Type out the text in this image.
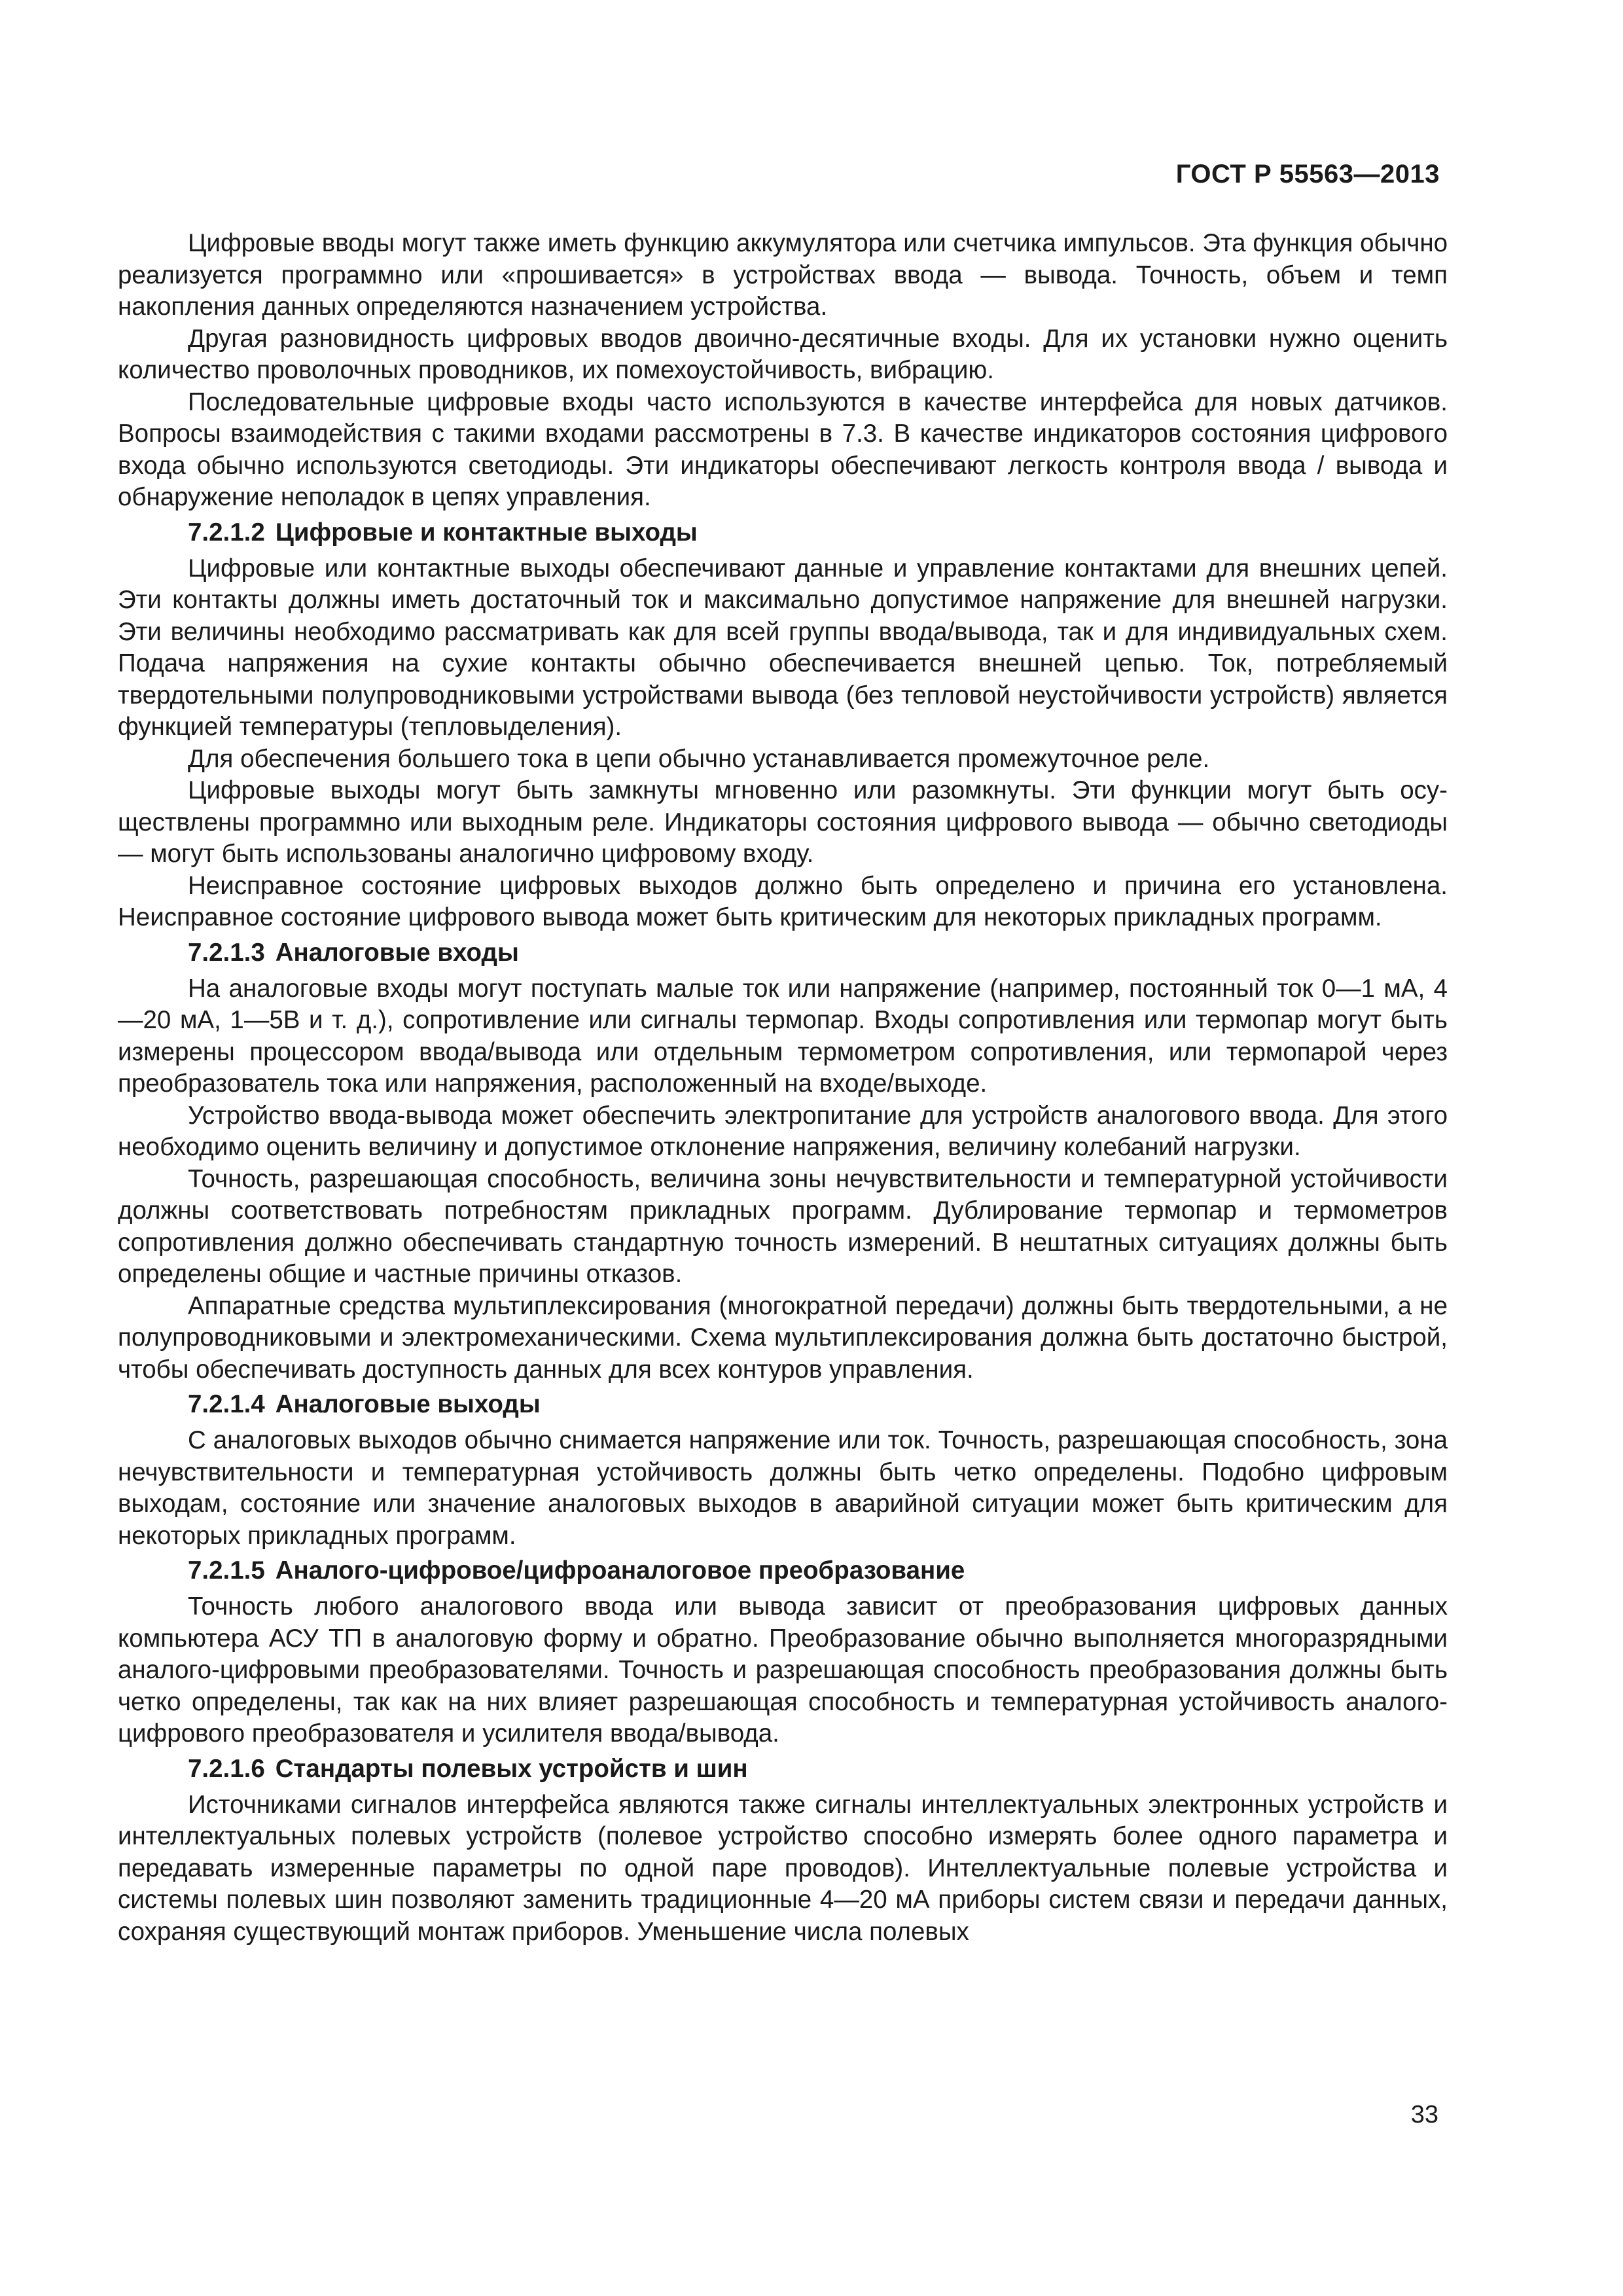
ГОСТ Р 55563—2013

Цифровые вводы могут также иметь функцию аккумулятора или счетчика импульсов. Эта функция обычно реализуется программно или «прошивается» в устройствах ввода — вывода. Точность, объем и темп накопления данных определяются назначением устройства.

Другая разновидность цифровых вводов двоично-десятичные входы. Для их установки нужно оценить количество проволочных проводников, их помехоустойчивость, вибрацию.

Последовательные цифровые входы часто используются в качестве интерфейса для новых датчиков. Вопросы взаимодействия с такими входами рассмотрены в 7.3. В качестве индикаторов состояния цифрового входа обычно используются светодиоды. Эти индикаторы обеспечивают легкость контроля ввода / вывода и обнаружение неполадок в цепях управления.

7.2.1.2 Цифровые и контактные выходы

Цифровые или контактные выходы обеспечивают данные и управление контактами для внешних цепей. Эти контакты должны иметь достаточный ток и максимально допустимое напряжение для внешней нагрузки. Эти величины необходимо рассматривать как для всей группы ввода/вывода, так и для индивидуальных схем. Подача напряжения на сухие контакты обычно обеспечивается внешней цепью. Ток, потребляемый твердотельными полупроводниковыми устройствами вывода (без тепловой неустойчивости устройств) является функцией температуры (тепловыделения).

Для обеспечения большего тока в цепи обычно устанавливается промежуточное реле.

Цифровые выходы могут быть замкнуты мгновенно или разомкнуты. Эти функции могут быть осуществлены программно или выходным реле. Индикаторы состояния цифрового вывода — обычно светодиоды — могут быть использованы аналогично цифровому входу.

Неисправное состояние цифровых выходов должно быть определено и причина его установлена. Неисправное состояние цифрового вывода может быть критическим для некоторых прикладных программ.

7.2.1.3 Аналоговые входы

На аналоговые входы могут поступать малые ток или напряжение (например, постоянный ток 0—1 мА, 4—20 мА, 1—5В и т. д.), сопротивление или сигналы термопар. Входы сопротивления или термопар могут быть измерены процессором ввода/вывода или отдельным термометром сопротивления, или термопарой через преобразователь тока или напряжения, расположенный на входе/выходе.

Устройство ввода-вывода может обеспечить электропитание для устройств аналогового ввода. Для этого необходимо оценить величину и допустимое отклонение напряжения, величину колебаний нагрузки.

Точность, разрешающая способность, величина зоны нечувствительности и температурной устойчивости должны соответствовать потребностям прикладных программ. Дублирование термопар и термометров сопротивления должно обеспечивать стандартную точность измерений. В нештатных ситуациях должны быть определены общие и частные причины отказов.

Аппаратные средства мультиплексирования (многократной передачи) должны быть твердотельными, а не полупроводниковыми и электромеханическими. Схема мультиплексирования должна быть достаточно быстрой, чтобы обеспечивать доступность данных для всех контуров управления.

7.2.1.4 Аналоговые выходы

С аналоговых выходов обычно снимается напряжение или ток. Точность, разрешающая способность, зона нечувствительности и температурная устойчивость должны быть четко определены. Подобно цифровым выходам, состояние или значение аналоговых выходов в аварийной ситуации может быть критическим для некоторых прикладных программ.

7.2.1.5 Аналого-цифровое/цифроаналоговое преобразование

Точность любого аналогового ввода или вывода зависит от преобразования цифровых данных компьютера АСУ ТП в аналоговую форму и обратно. Преобразование обычно выполняется многоразрядными аналого-цифровыми преобразователями. Точность и разрешающая способность преобразования должны быть четко определены, так как на них влияет разрешающая способность и температурная устойчивость аналого-цифрового преобразователя и усилителя ввода/вывода.

7.2.1.6 Стандарты полевых устройств и шин

Источниками сигналов интерфейса являются также сигналы интеллектуальных электронных устройств и интеллектуальных полевых устройств (полевое устройство способно измерять более одного параметра и передавать измеренные параметры по одной паре проводов). Интеллектуальные полевые устройства и системы полевых шин позволяют заменить традиционные 4—20 мА приборы систем связи и передачи данных, сохраняя существующий монтаж приборов. Уменьшение числа полевых

33
